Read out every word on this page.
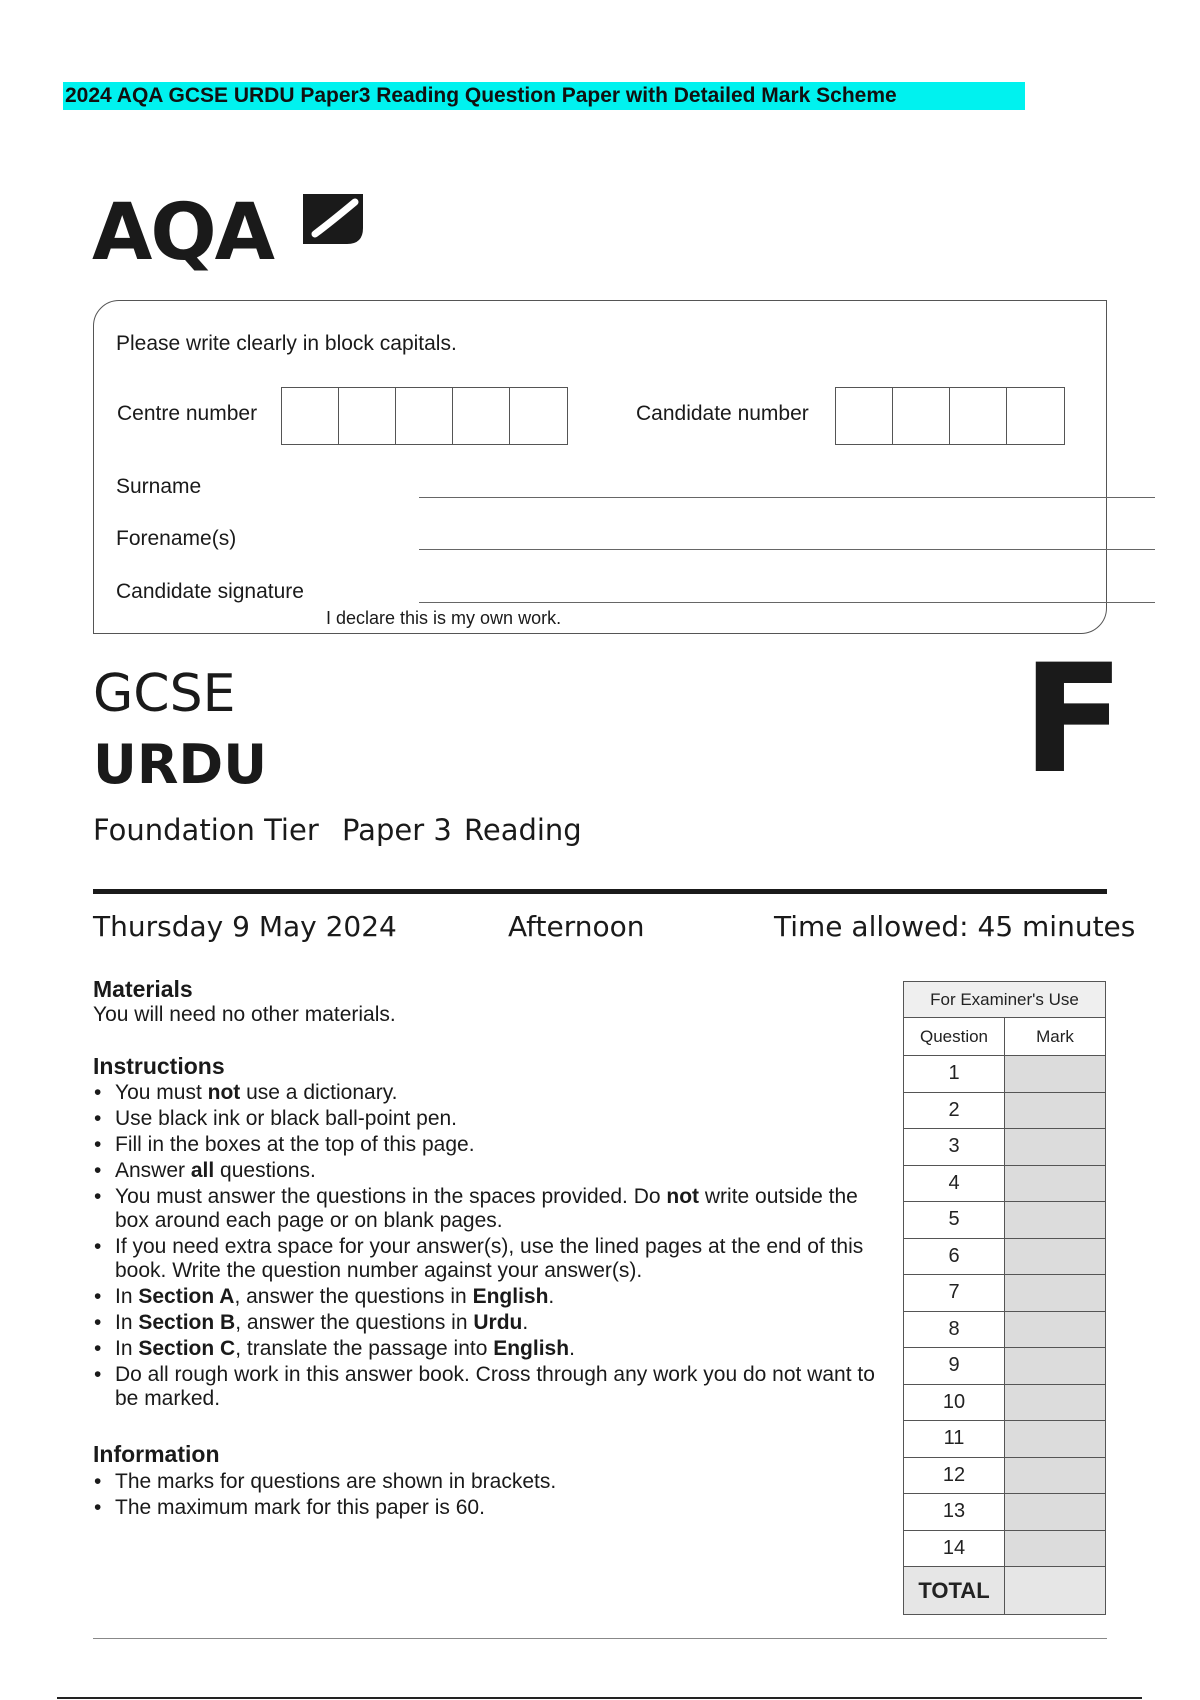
2024 AQA GCSE URDU Paper3 Reading Question Paper with Detailed Mark Scheme
AQA
Please write clearly in block capitals.
Centre number	Candidate number
Surname
Forename(s)
Candidate signature
I declare this is my own work.
GCSE
URDU
Foundation Tier Paper 3 Reading
F
Thursday 9 May 2024	Afternoon	Time allowed: 45 minutes
Materials
You will need no other materials.
Instructions
• You must not use a dictionary.
• Use black ink or black ball-point pen.
• Fill in the boxes at the top of this page.
• Answer all questions.
• You must answer the questions in the spaces provided. Do not write outside the box around each page or on blank pages.
• If you need extra space for your answer(s), use the lined pages at the end of this book. Write the question number against your answer(s).
• In Section A, answer the questions in English.
• In Section B, answer the questions in Urdu.
• In Section C, translate the passage into English.
• Do all rough work in this answer book. Cross through any work you do not want to be marked.
Information
• The marks for questions are shown in brackets.
• The maximum mark for this paper is 60.
For Examiner's Use	
Question	Mark
1	
2	
3	
4	
5	
6	
7	
8	
9	
10	
11	
12	
13	
14	
TOTAL	
